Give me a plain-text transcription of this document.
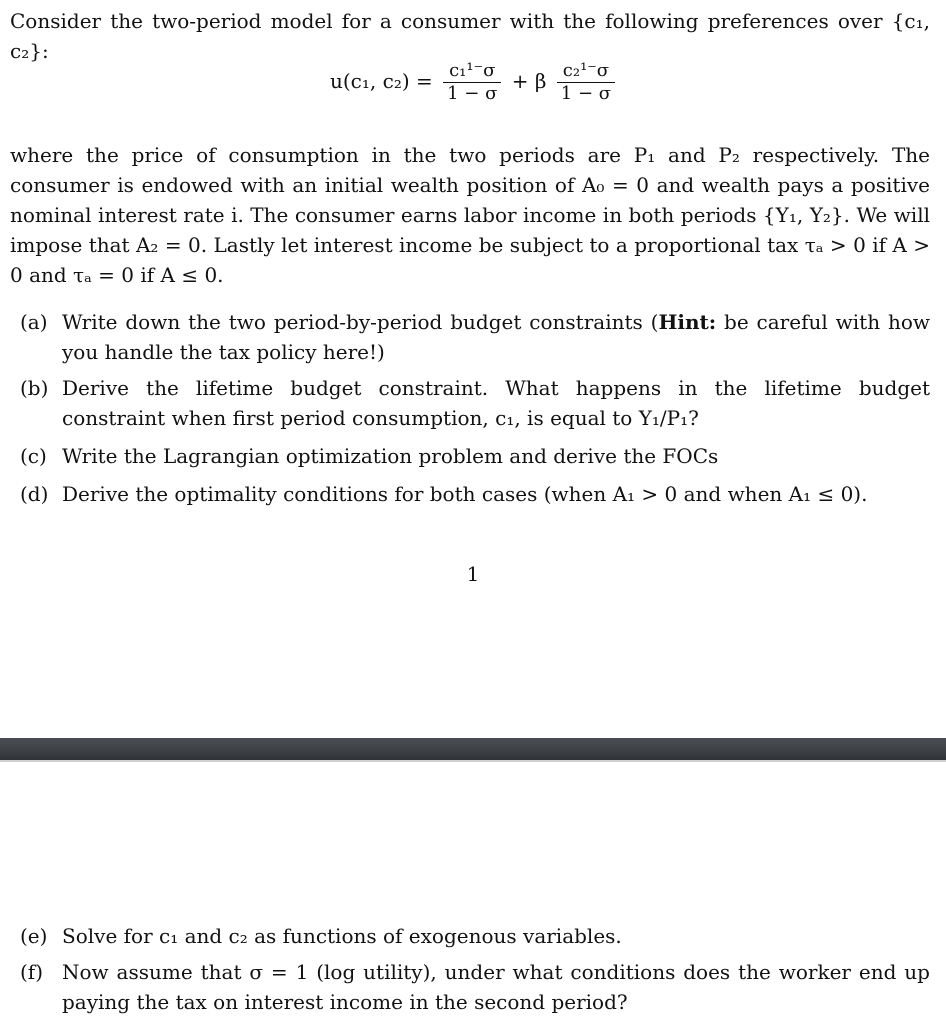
Consider the two-period model for a consumer with the following preferences over {c₁, c₂}:
u(c₁, $c_2) = \frac{\text{c₁¹⁻σ}}{1 - \sigma} + \beta \frac{\text{c₂¹⁻σ}}{1 - \sigma}$
where the price of consumption in the two periods are P₁ and P₂ respectively. The consumer is endowed with an initial wealth position of A₀ = 0 and wealth pays a positive nominal interest rate i. The consumer earns labor income in both periods {Y₁, Y₂}. We will impose that A₂ = 0. Lastly let interest income be subject to a proportional tax τₐ > 0 if A > 0 and τₐ = 0 if A ≤ 0.
(a) Write down the two period-by-period budget constraints (Hint: be careful with how you handle the tax policy here!)
(b) Derive the lifetime budget constraint. What happens in the lifetime budget constraint when first period consumption, c₁, is equal to Y₁/P₁?
(c) Write the Lagrangian optimization problem and derive the FOCs
(d) Derive the optimality conditions for both cases (when A₁ > 0 and when A₁ ≤ 0).
1
(e) Solve for c₁ and c₂ as functions of exogenous variables.
(f) Now assume that σ = 1 (log utility), under what conditions does the worker end up paying the tax on interest income in the second period?
